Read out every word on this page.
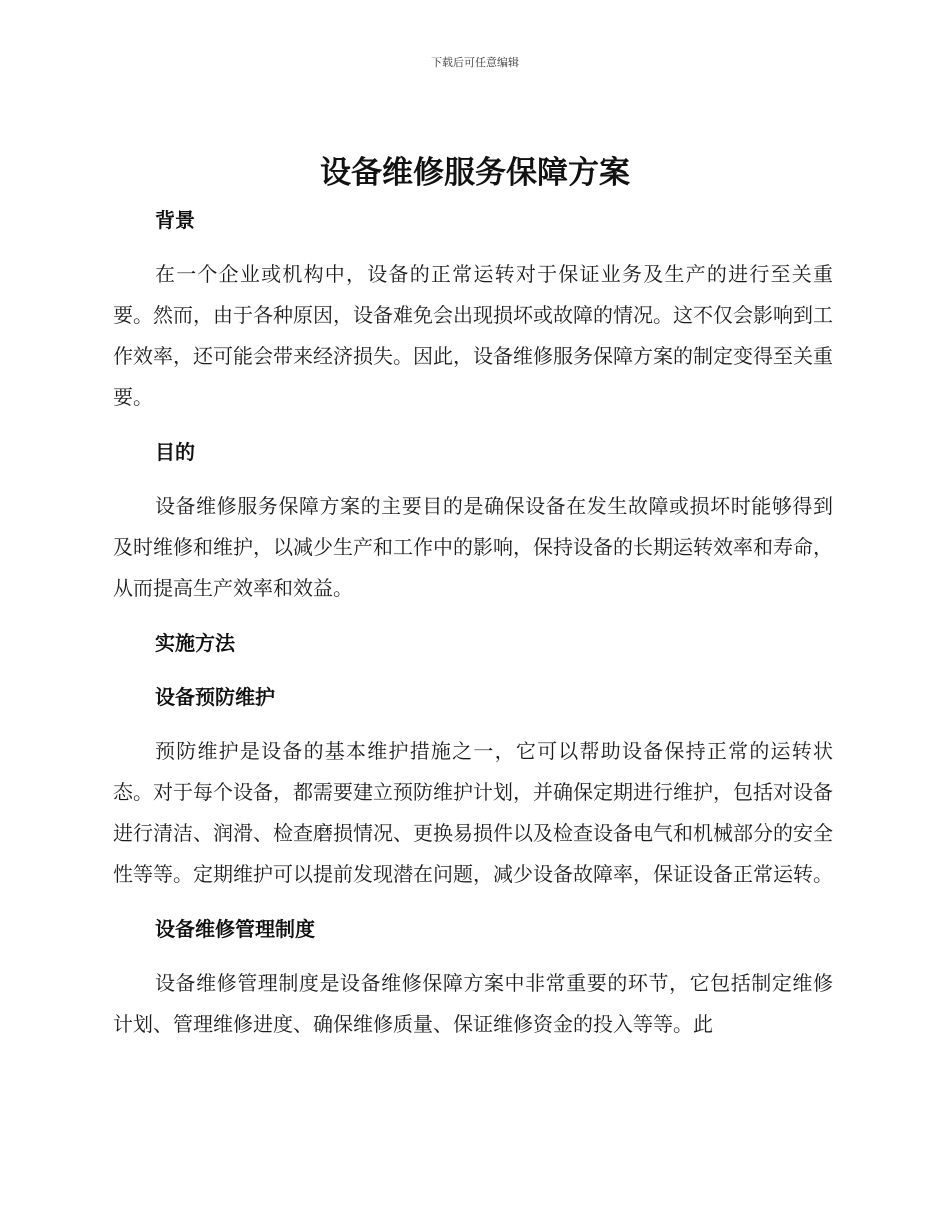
下载后可任意编辑

设备维修服务保障方案
背景

在一个企业或机构中，设备的正常运转对于保证业务及生产的进行至关重要。然而，由于各种原因，设备难免会出现损坏或故障的情况。这不仅会影响到工作效率，还可能会带来经济损失。因此，设备维修服务保障方案的制定变得至关重要。

目的

设备维修服务保障方案的主要目的是确保设备在发生故障或损坏时能够得到及时维修和维护，以减少生产和工作中的影响，保持设备的长期运转效率和寿命，从而提高生产效率和效益。

实施方法
设备预防维护

预防维护是设备的基本维护措施之一，它可以帮助设备保持正常的运转状态。对于每个设备，都需要建立预防维护计划，并确保定期进行维护，包括对设备进行清洁、润滑、检查磨损情况、更换易损件以及检查设备电气和机械部分的安全性等等。定期维护可以提前发现潜在问题，减少设备故障率，保证设备正常运转。

设备维修管理制度

设备维修管理制度是设备维修保障方案中非常重要的环节，它包括制定维修计划、管理维修进度、确保维修质量、保证维修资金的投入等等。此
